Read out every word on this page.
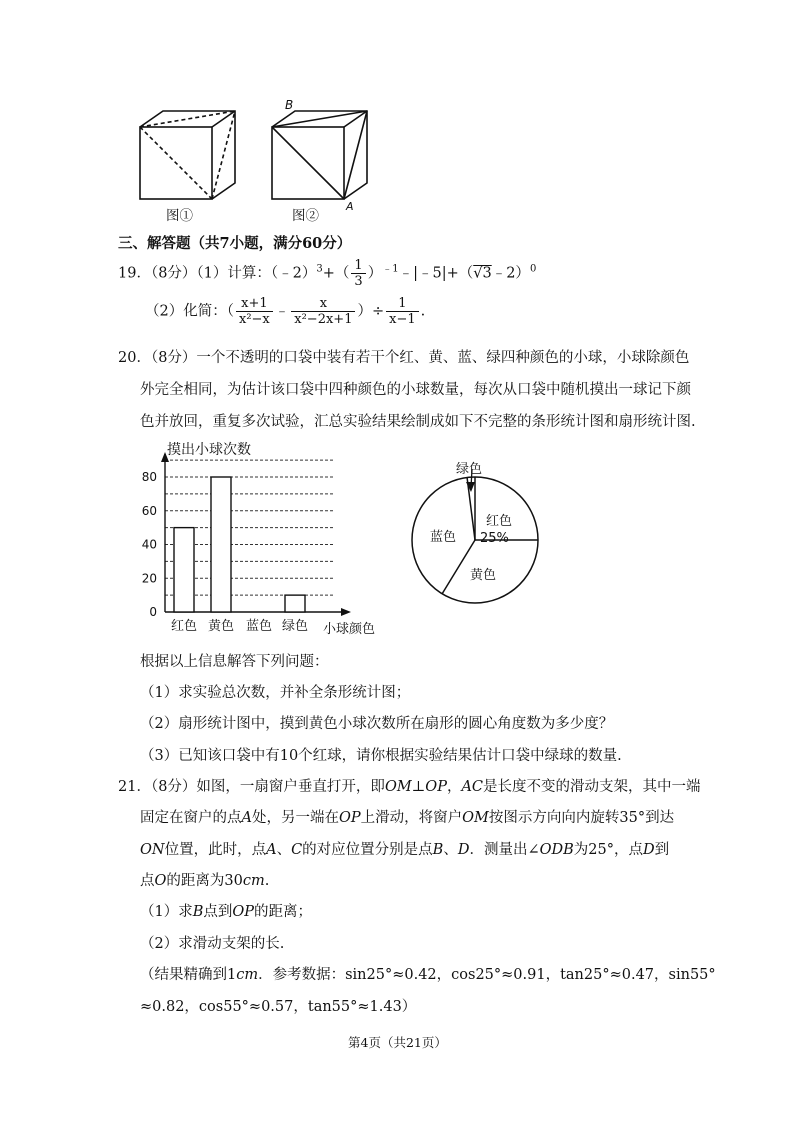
B
A
图①	图②
三、解答题（共7小题，满分60分）
19．（8分）（1）计算：（﹣2）$^3$+（ $\frac{1}{3}$ ）$^{﹣1}$﹣|﹣5|+（√3﹣2）$^0$
（2）化简：（ $\frac{x+1}{\text{x²−x}}$ ﹣ $\frac{x}{\text{x²−2x+1}}$ ）÷ $\frac{1}{x-1}$ .
20．（8分）一个不透明的口袋中装有若干个红、黄、蓝、绿四种颜色的小球，小球除颜色
外完全相同，为估计该口袋中四种颜色的小球数量，每次从口袋中随机摸出一球记下颜
色并放回，重复多次试验，汇总实验结果绘制成如下不完整的条形统计图和扇形统计图.
摸出小球次数
小球颜色
0
20
40
60
80
红色 黄色 蓝色 绿色
绿色
红色
25%
黄色
蓝色
根据以上信息解答下列问题：
（1）求实验总次数，并补全条形统计图；
（2）扇形统计图中，摸到黄色小球次数所在扇形的圆心角度数为多少度？
（3）已知该口袋中有10个红球，请你根据实验结果估计口袋中绿球的数量.
21．（8分）如图，一扇窗户垂直打开，即OM⊥OP，AC是长度不变的滑动支架，其中一端
固定在窗户的点A处，另一端在OP上滑动，将窗户OM按图示方向向内旋转35°到达
ON位置，此时，点A、C的对应位置分别是点B、D．测量出∠ODB为25°，点D到
点O的距离为30cm.
（1）求B点到OP的距离；
（2）求滑动支架的长.
（结果精确到1cm．参考数据：sin25°≈0.42，cos25°≈0.91，tan25°≈0.47，sin55°
≈0.82，cos55°≈0.57，tan55°≈1.43）
第4页（共21页）
